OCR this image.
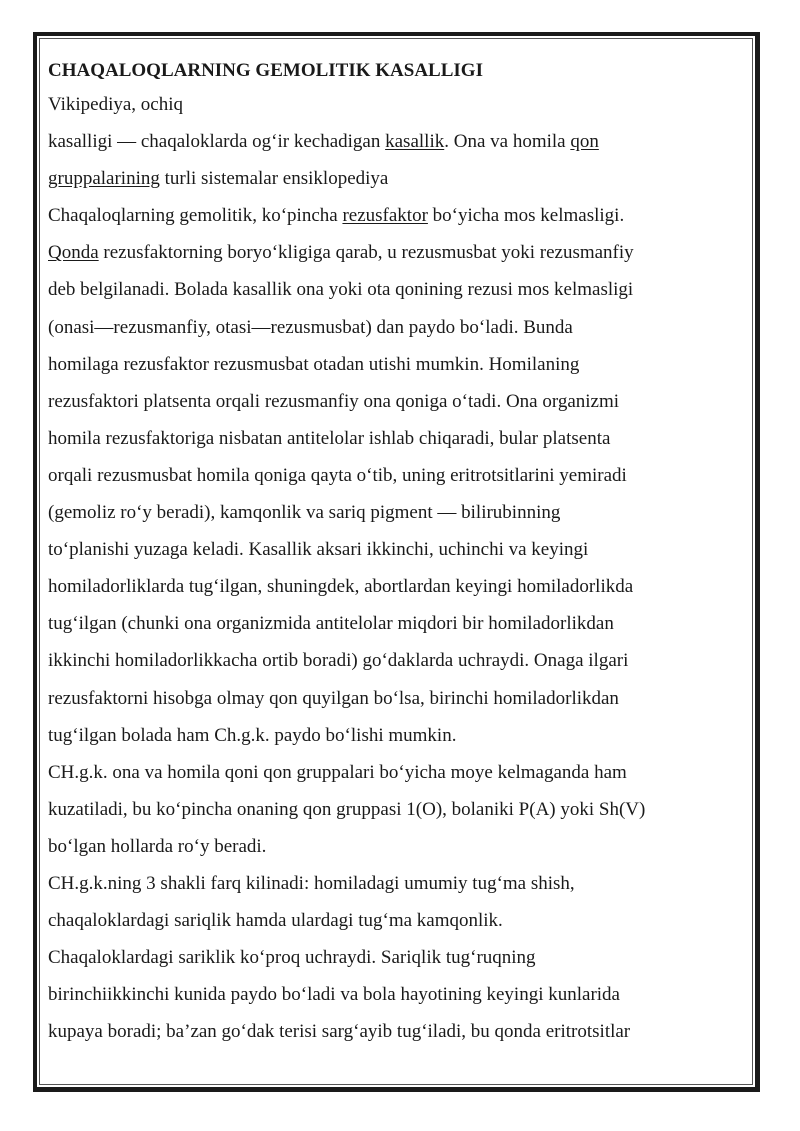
CHAQALOQLARNING GEMOLITIK KASALLIGI
Vikipediya, ochiq
kasalligi — chaqaloklarda og‘ir kechadigan kasallik. Ona va homila qon
gruppalarining turli sistemalar ensiklopediya
Chaqaloqlarning gemolitik, ko‘pincha rezusfaktor bo‘yicha mos kelmasligi.
Qonda rezusfaktorning boryo‘kligiga qarab, u rezusmusbat yoki rezusmanfiy
deb belgilanadi. Bolada kasallik ona yoki ota qonining rezusi mos kelmasligi
(onasi—rezusmanfiy, otasi—rezusmusbat) dan paydo bo‘ladi. Bunda
homilaga rezusfaktor rezusmusbat otadan utishi mumkin. Homilaning
rezusfaktori platsenta orqali rezusmanfiy ona qoniga o‘tadi. Ona organizmi
homila rezusfaktoriga nisbatan antitelolar ishlab chiqaradi, bular platsenta
orqali rezusmusbat homila qoniga qayta o‘tib, uning eritrotsitlarini yemiradi
(gemoliz ro‘y beradi), kamqonlik va sariq pigment — bilirubinning
to‘planishi yuzaga keladi. Kasallik aksari ikkinchi, uchinchi va keyingi
homiladorliklarda tug‘ilgan, shuningdek, abortlardan keyingi homiladorlikda
tug‘ilgan (chunki ona organizmida antitelolar miqdori bir homiladorlikdan
ikkinchi homiladorlikkacha ortib boradi) go‘daklarda uchraydi. Onaga ilgari
rezusfaktorni hisobga olmay qon quyilgan bo‘lsa, birinchi homiladorlikdan
tug‘ilgan bolada ham Ch.g.k. paydo bo‘lishi mumkin.
CH.g.k. ona va homila qoni qon gruppalari bo‘yicha moye kelmaganda ham
kuzatiladi, bu ko‘pincha onaning qon gruppasi 1(O), bolaniki P(A) yoki Sh(V)
bo‘lgan hollarda ro‘y beradi.
CH.g.k.ning 3 shakli farq kilinadi: homiladagi umumiy tug‘ma shish,
chaqaloklardagi sariqlik hamda ulardagi tug‘ma kamqonlik.
Chaqaloklardagi sariklik ko‘proq uchraydi. Sariqlik tug‘ruqning
birinchiikkinchi kunida paydo bo‘ladi va bola hayotining keyingi kunlarida
kupaya boradi; ba’zan go‘dak terisi sarg‘ayib tug‘iladi, bu qonda eritrotsitlar
